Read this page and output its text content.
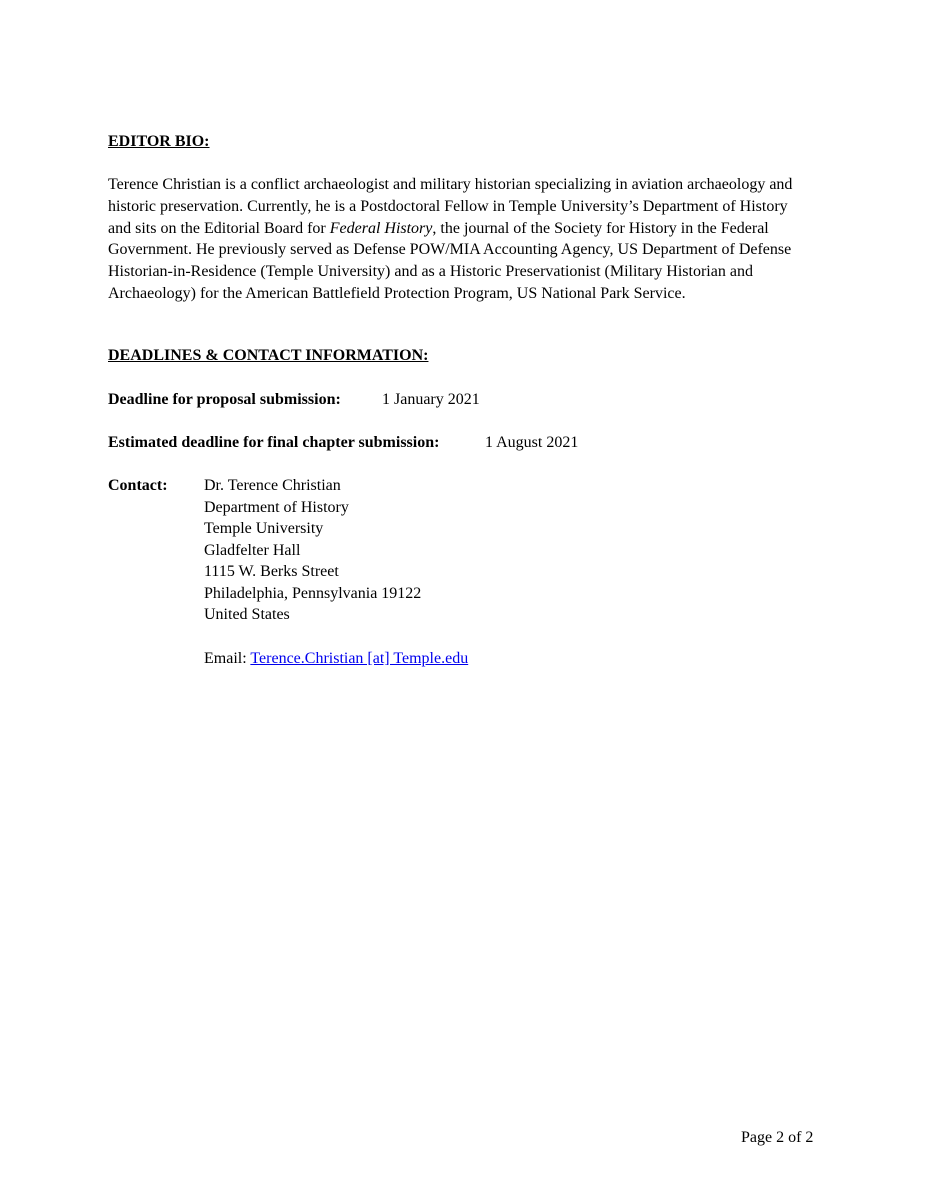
EDITOR BIO:

Terence Christian is a conflict archaeologist and military historian specializing in aviation archaeology and historic preservation. Currently, he is a Postdoctoral Fellow in Temple University’s Department of History and sits on the Editorial Board for Federal History, the journal of the Society for History in the Federal Government. He previously served as Defense POW/MIA Accounting Agency, US Department of Defense Historian-in-Residence (Temple University) and as a Historic Preservationist (Military Historian and Archaeology) for the American Battlefield Protection Program, US National Park Service.

DEADLINES & CONTACT INFORMATION:
Deadline for proposal submission:	1 January 2021
Estimated deadline for final chapter submission:	1 August 2021
Contact: Dr. Terence Christian
Department of History
Temple University
Gladfelter Hall
1115 W. Berks Street
Philadelphia, Pennsylvania 19122
United States
Email: Terence.Christian [at] Temple.edu
Page 2 of 2
